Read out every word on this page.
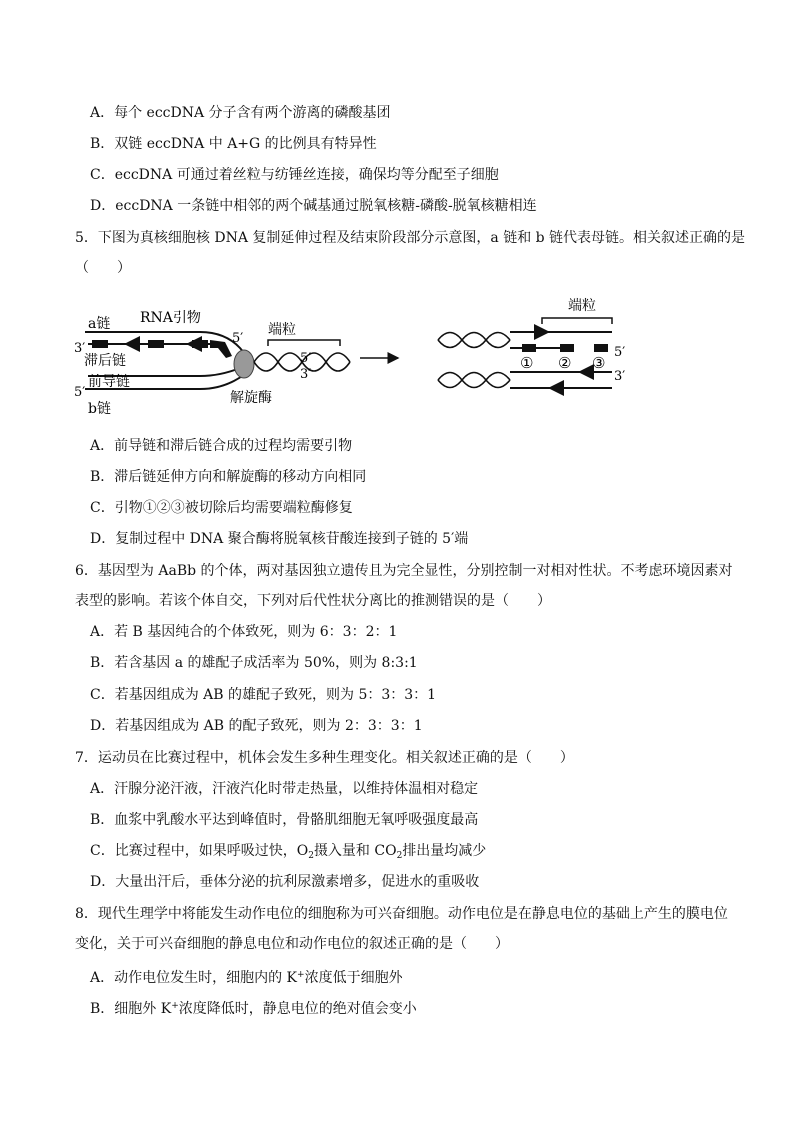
A．每个 eccDNA 分子含有两个游离的磷酸基团
B．双链 eccDNA 中 A+G 的比例具有特异性
C．eccDNA 可通过着丝粒与纺锤丝连接，确保均等分配至子细胞
D．eccDNA 一条链中相邻的两个碱基通过脱氧核糖-磷酸-脱氧核糖相连
5．下图为真核细胞核 DNA 复制延伸过程及结束阶段部分示意图，a 链和 b 链代表母链。相关叙述正确的是
（　　）
a链 RNA引物
3′
滞后链
前导链
5′
b链
5′
端粒
5′
3′
解旋酶
端粒
① ② ③
5′
3′
A．前导链和滞后链合成的过程均需要引物
B．滞后链延伸方向和解旋酶的移动方向相同
C．引物①②③被切除后均需要端粒酶修复
D．复制过程中 DNA 聚合酶将脱氧核苷酸连接到子链的 5′端
6．基因型为 AaBb 的个体，两对基因独立遗传且为完全显性，分别控制一对相对性状。不考虑环境因素对
表型的影响。若该个体自交，下列对后代性状分离比的推测错误的是（　　）
A．若 B 基因纯合的个体致死，则为 6：3：2：1
B．若含基因 a 的雄配子成活率为 50%，则为 8:3:1
C．若基因组成为 AB 的雄配子致死，则为 5：3：3：1
D．若基因组成为 AB 的配子致死，则为 2：3：3：1
7．运动员在比赛过程中，机体会发生多种生理变化。相关叙述正确的是（　　）
A．汗腺分泌汗液，汗液汽化时带走热量，以维持体温相对稳定
B．血浆中乳酸水平达到峰值时，骨骼肌细胞无氧呼吸强度最高
C．比赛过程中，如果呼吸过快，$O_2$摄入量和 $CO_2$排出量均减少
D．大量出汗后，垂体分泌的抗利尿激素增多，促进水的重吸收
8．现代生理学中将能发生动作电位的细胞称为可兴奋细胞。动作电位是在静息电位的基础上产生的膜电位
变化，关于可兴奋细胞的静息电位和动作电位的叙述正确的是（　　）
A．动作电位发生时，细胞内的 K+浓度低于细胞外
B．细胞外 K+浓度降低时，静息电位的绝对值会变小
